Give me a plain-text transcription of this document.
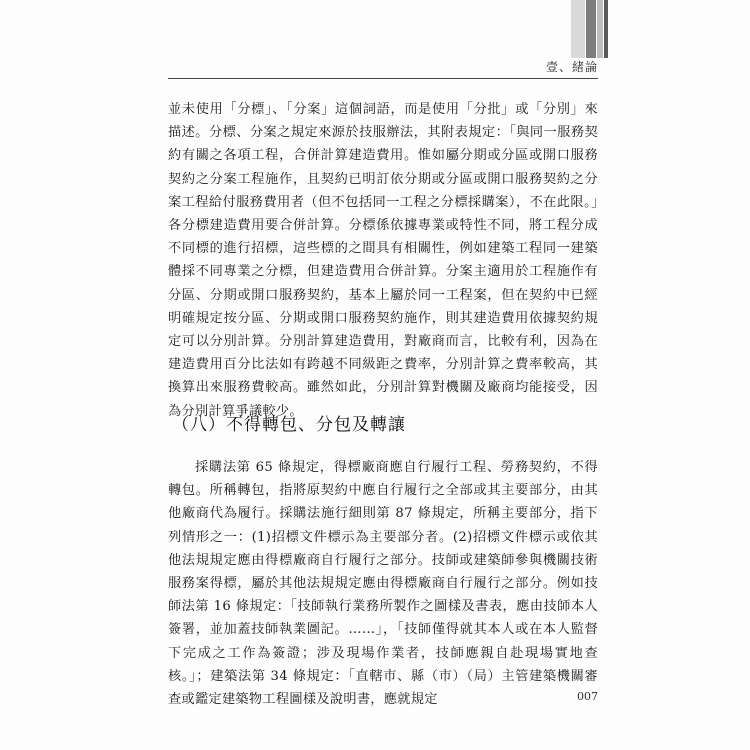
壹、緒論
並未使用「分標」、「分案」這個詞語，而是使用「分批」或「分別」來描述。分標、分案之規定來源於技服辦法，其附表規定：「與同一服務契約有關之各項工程，合併計算建造費用。惟如屬分期或分區或開口服務契約之分案工程施作，且契約已明訂依分期或分區或開口服務契約之分案工程給付服務費用者（但不包括同一工程之分標採購案），不在此限。」各分標建造費用要合併計算。分標係依據專業或特性不同，將工程分成不同標的進行招標，這些標的之間具有相關性，例如建築工程同一建築體採不同專業之分標，但建造費用合併計算。分案主適用於工程施作有分區、分期或開口服務契約，基本上屬於同一工程案，但在契約中已經明確規定按分區、分期或開口服務契約施作，則其建造費用依據契約規定可以分別計算。分別計算建造費用，對廠商而言，比較有利，因為在建造費用百分比法如有跨越不同級距之費率，分別計算之費率較高，其換算出來服務費較高。雖然如此，分別計算對機關及廠商均能接受，因為分別計算爭議較少。
（八）不得轉包、分包及轉讓
採購法第 65 條規定，得標廠商應自行履行工程、勞務契約，不得轉包。所稱轉包，指將原契約中應自行履行之全部或其主要部分，由其他廠商代為履行。採購法施行細則第 87 條規定，所稱主要部分，指下列情形之一：(1)招標文件標示為主要部分者。(2)招標文件標示或依其他法規規定應由得標廠商自行履行之部分。技師或建築師參與機關技術服務案得標，屬於其他法規規定應由得標廠商自行履行之部分。例如技師法第 16 條規定：「技師執行業務所製作之圖樣及書表，應由技師本人簽署，並加蓋技師執業圖記。……」，「技師僅得就其本人或在本人監督下完成之工作為簽證；涉及現場作業者，技師應親自赴現場實地查核。」；建築法第 34 條規定：「直轄市、縣（市）（局）主管建築機關審查或鑑定建築物工程圖樣及說明書，應就規定	007
